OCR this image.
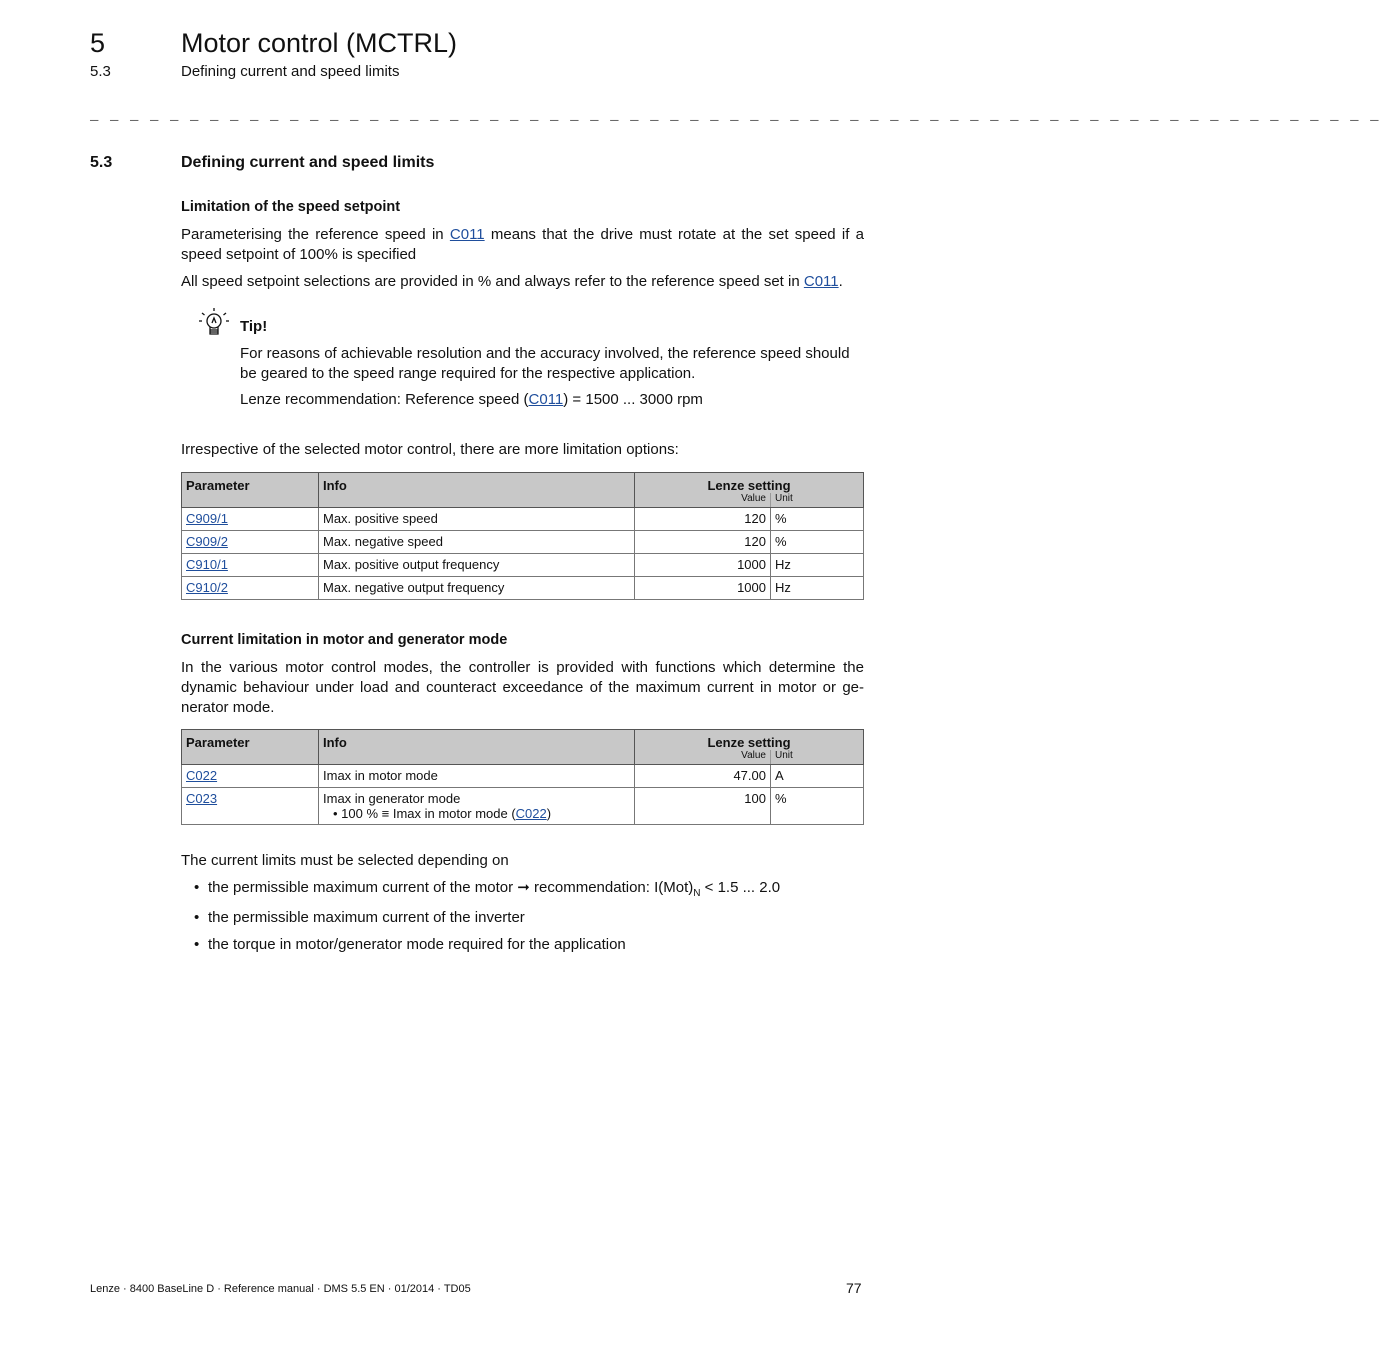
5	Motor control (MCTRL)
5.3	Defining current and speed limits
_ _ _ _ _ _ _ _ _ _ _ _ _ _ _ _ _ _ _ _ _ _ _ _ _ _ _ _ _ _ _ _ _ _ _ _ _ _ _ _ _ _ _ _ _ _ _ _ _ _ _ _ _ _ _ _ _ _ _ _ _ _ _ _ _
5.3	Defining current and speed limits
Limitation of the speed setpoint
Parameterising the reference speed in C011 means that the drive must rotate at the set speed if a speed setpoint of 100% is specified
All speed setpoint selections are provided in % and always refer to the reference speed set in C011.
Tip!
For reasons of achievable resolution and the accuracy involved, the reference speed should be geared to the speed range required for the respective application.
Lenze recommendation: Reference speed (C011) = 1500 ... 3000 rpm
Irrespective of the selected motor control, there are more limitation options:
Parameter	Info	Lenze setting	
		Value	Unit
C909/1	Max. positive speed	120	%
C909/2	Max. negative speed	120	%
C910/1	Max. positive output frequency	1000	Hz
C910/2	Max. negative output frequency	1000	Hz
Current limitation in motor and generator mode
In the various motor control modes, the controller is provided with functions which determine the dynamic behaviour under load and counteract exceedance of the maximum current in motor or ge-nerator mode.
Parameter	Info	Lenze setting	
		Value	Unit
C022	Imax in motor mode	47.00	A
C023	Imax in generator mode
• 100 % ≡ Imax in motor mode (C022)	100	%
The current limits must be selected depending on
• the permissible maximum current of the motor ➞ recommendation: $I(Mot)_N < 1.5$ ... 2.0
• the permissible maximum current of the inverter
• the torque in motor/generator mode required for the application
Lenze · 8400 BaseLine D · Reference manual · DMS 5.5 EN · 01/2014 · TD05	77
